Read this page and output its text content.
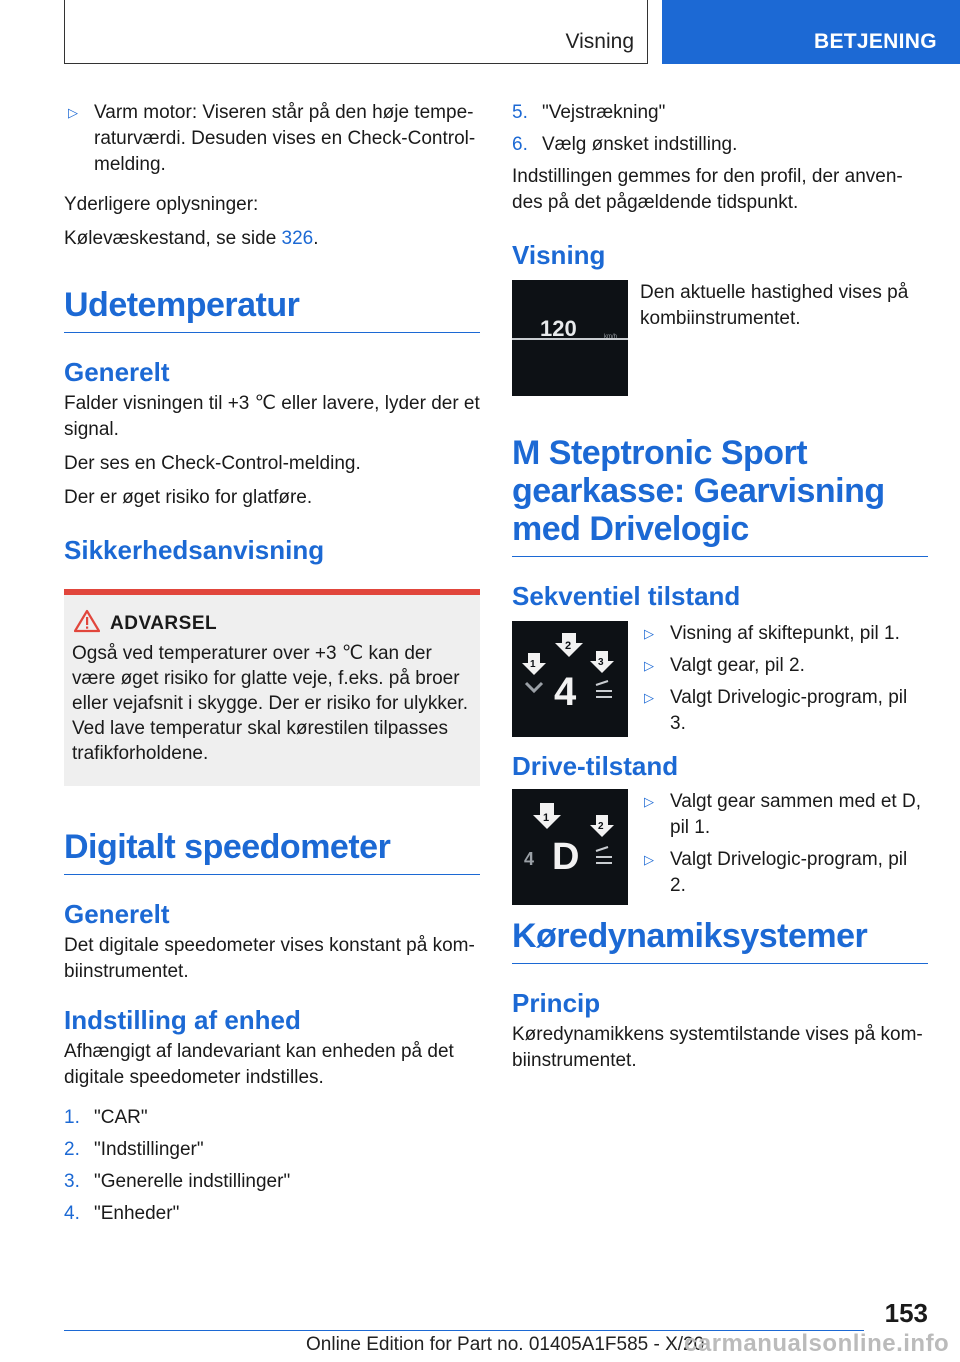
Visning	BETJENING
▷ Varm motor: Viseren står på den høje tempe-raturværdi. Desuden vises en Check-Control-melding.

Yderligere oplysninger:

Kølevæskestand, se side 326.

Udetemperatur
Generelt

Falder visningen til +3 ℃ eller lavere, lyder der et signal.

Der ses en Check-Control-melding.

Der er øget risiko for glatføre.

Sikkerhedsanvisning
ADVARSEL
Også ved temperaturer over +3 ℃ kan der være øget risiko for glatte veje, f.eks. på broer eller vejafsnit i skygge. Der er risiko for ulykker. Ved lave temperatur skal kørestilen tilpasses trafikforholdene.
Digitalt speedometer
Generelt

Det digitale speedometer vises konstant på kom-biinstrumentet.

Indstilling af enhed

Afhængigt af landevariant kan enheden på det digitale speedometer indstilles.

1. "CAR"
2. "Indstillinger"
3. "Generelle indstillinger"
4. "Enheder"
5. "Vejstrækning"
6. Vælg ønsket indstilling.

Indstillingen gemmes for den profil, der anven-des på det pågældende tidspunkt.

Visning
120	km/h
Den aktuelle hastighed vises på kombiinstrumentet.
M Steptronic Sport gearkasse: Gearvisning med Drivelogic
Sekventiel tilstand
1
2
3
4
▷ Visning af skiftepunkt, pil 1.
▷ Valgt gear, pil 2.
▷ Valgt Drivelogic-program, pil 3.
Drive-tilstand
1
2
4 D
▷ Valgt gear sammen med et D, pil 1.
▷ Valgt Drivelogic-program, pil 2.
Køredynamiksystemer
Princip

Køredynamikkens systemtilstande vises på kom-biinstrumentet.

153
Online Edition for Part no. 01405A1F585 - X/20
carmanualsonline.info
